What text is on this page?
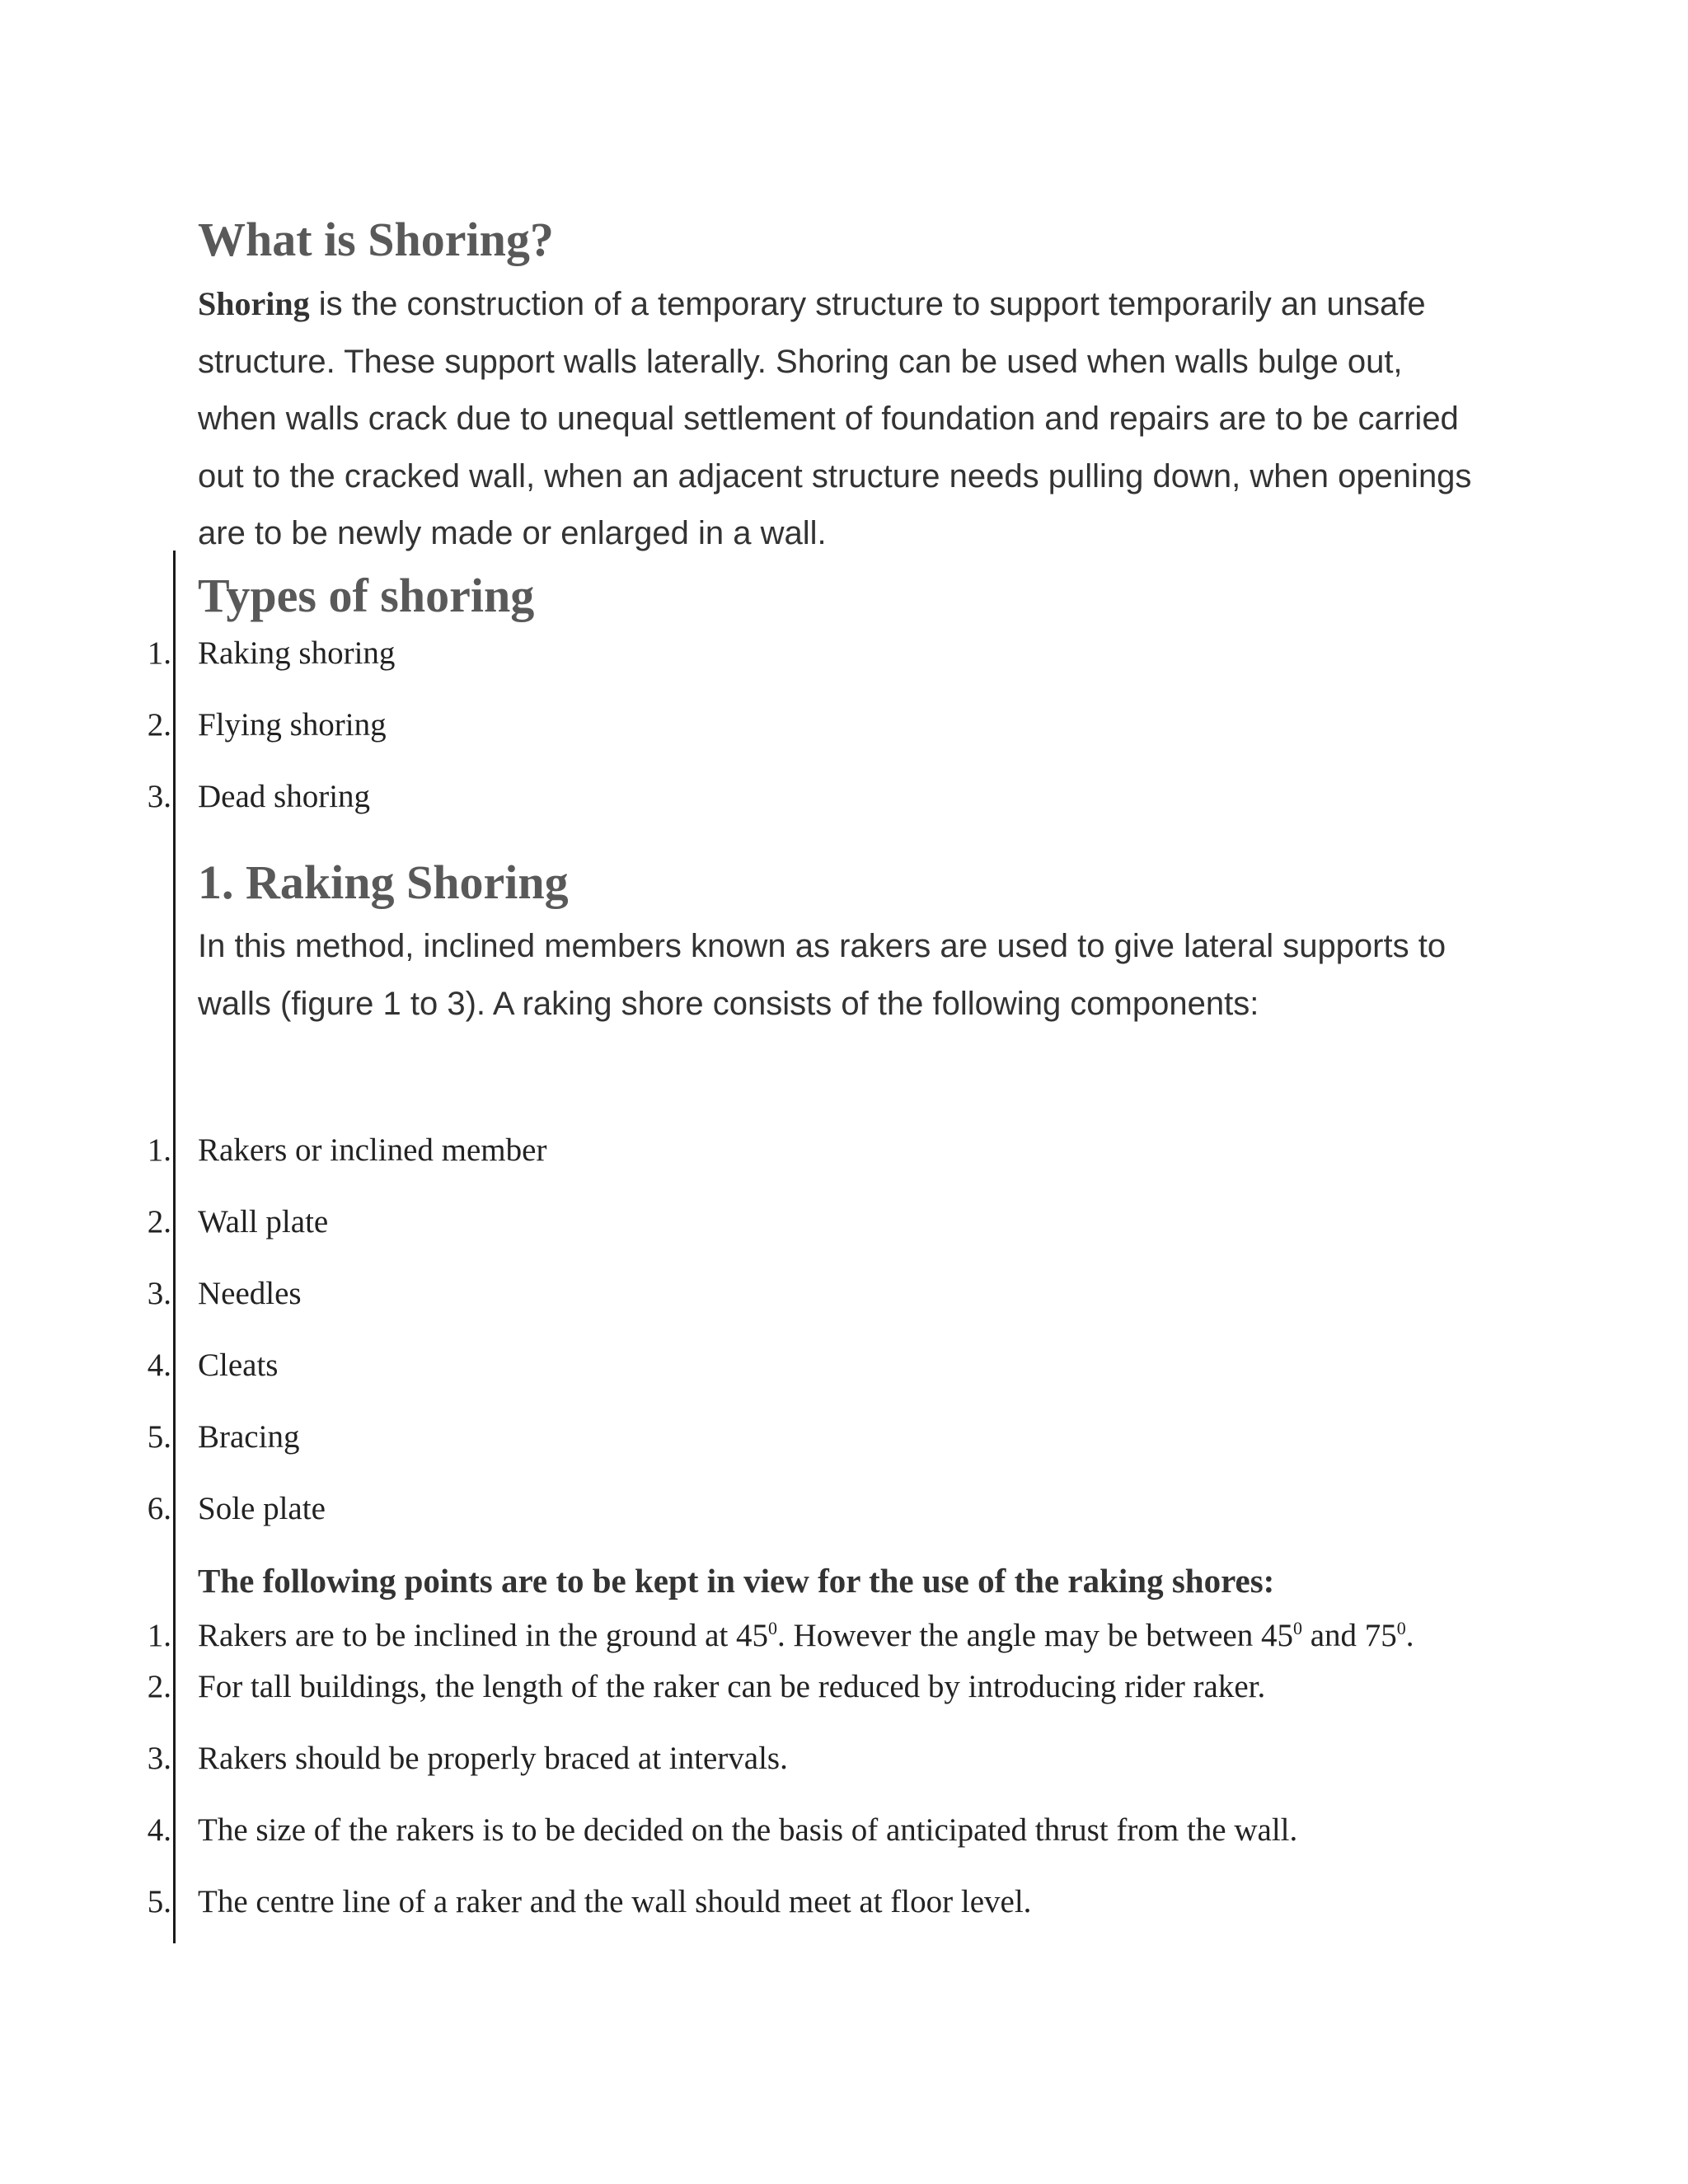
What is Shoring?
Shoring is the construction of a temporary structure to support temporarily an unsafe structure. These support walls laterally. Shoring can be used when walls bulge out, when walls crack due to unequal settlement of foundation and repairs are to be carried out to the cracked wall, when an adjacent structure needs pulling down, when openings are to be newly made or enlarged in a wall.
Types of shoring
1. Raking shoring
2. Flying shoring
3. Dead shoring
1. Raking Shoring
In this method, inclined members known as rakers are used to give lateral supports to walls (figure 1 to 3). A raking shore consists of the following components:
1. Rakers or inclined member
2. Wall plate
3. Needles
4. Cleats
5. Bracing
6. Sole plate
The following points are to be kept in view for the use of the raking shores:
1. Rakers are to be inclined in the ground at $45^0$. However the angle may be between $45^0$ and $75^0$.
2. For tall buildings, the length of the raker can be reduced by introducing rider raker.
3. Rakers should be properly braced at intervals.
4. The size of the rakers is to be decided on the basis of anticipated thrust from the wall.
5. The centre line of a raker and the wall should meet at floor level.
